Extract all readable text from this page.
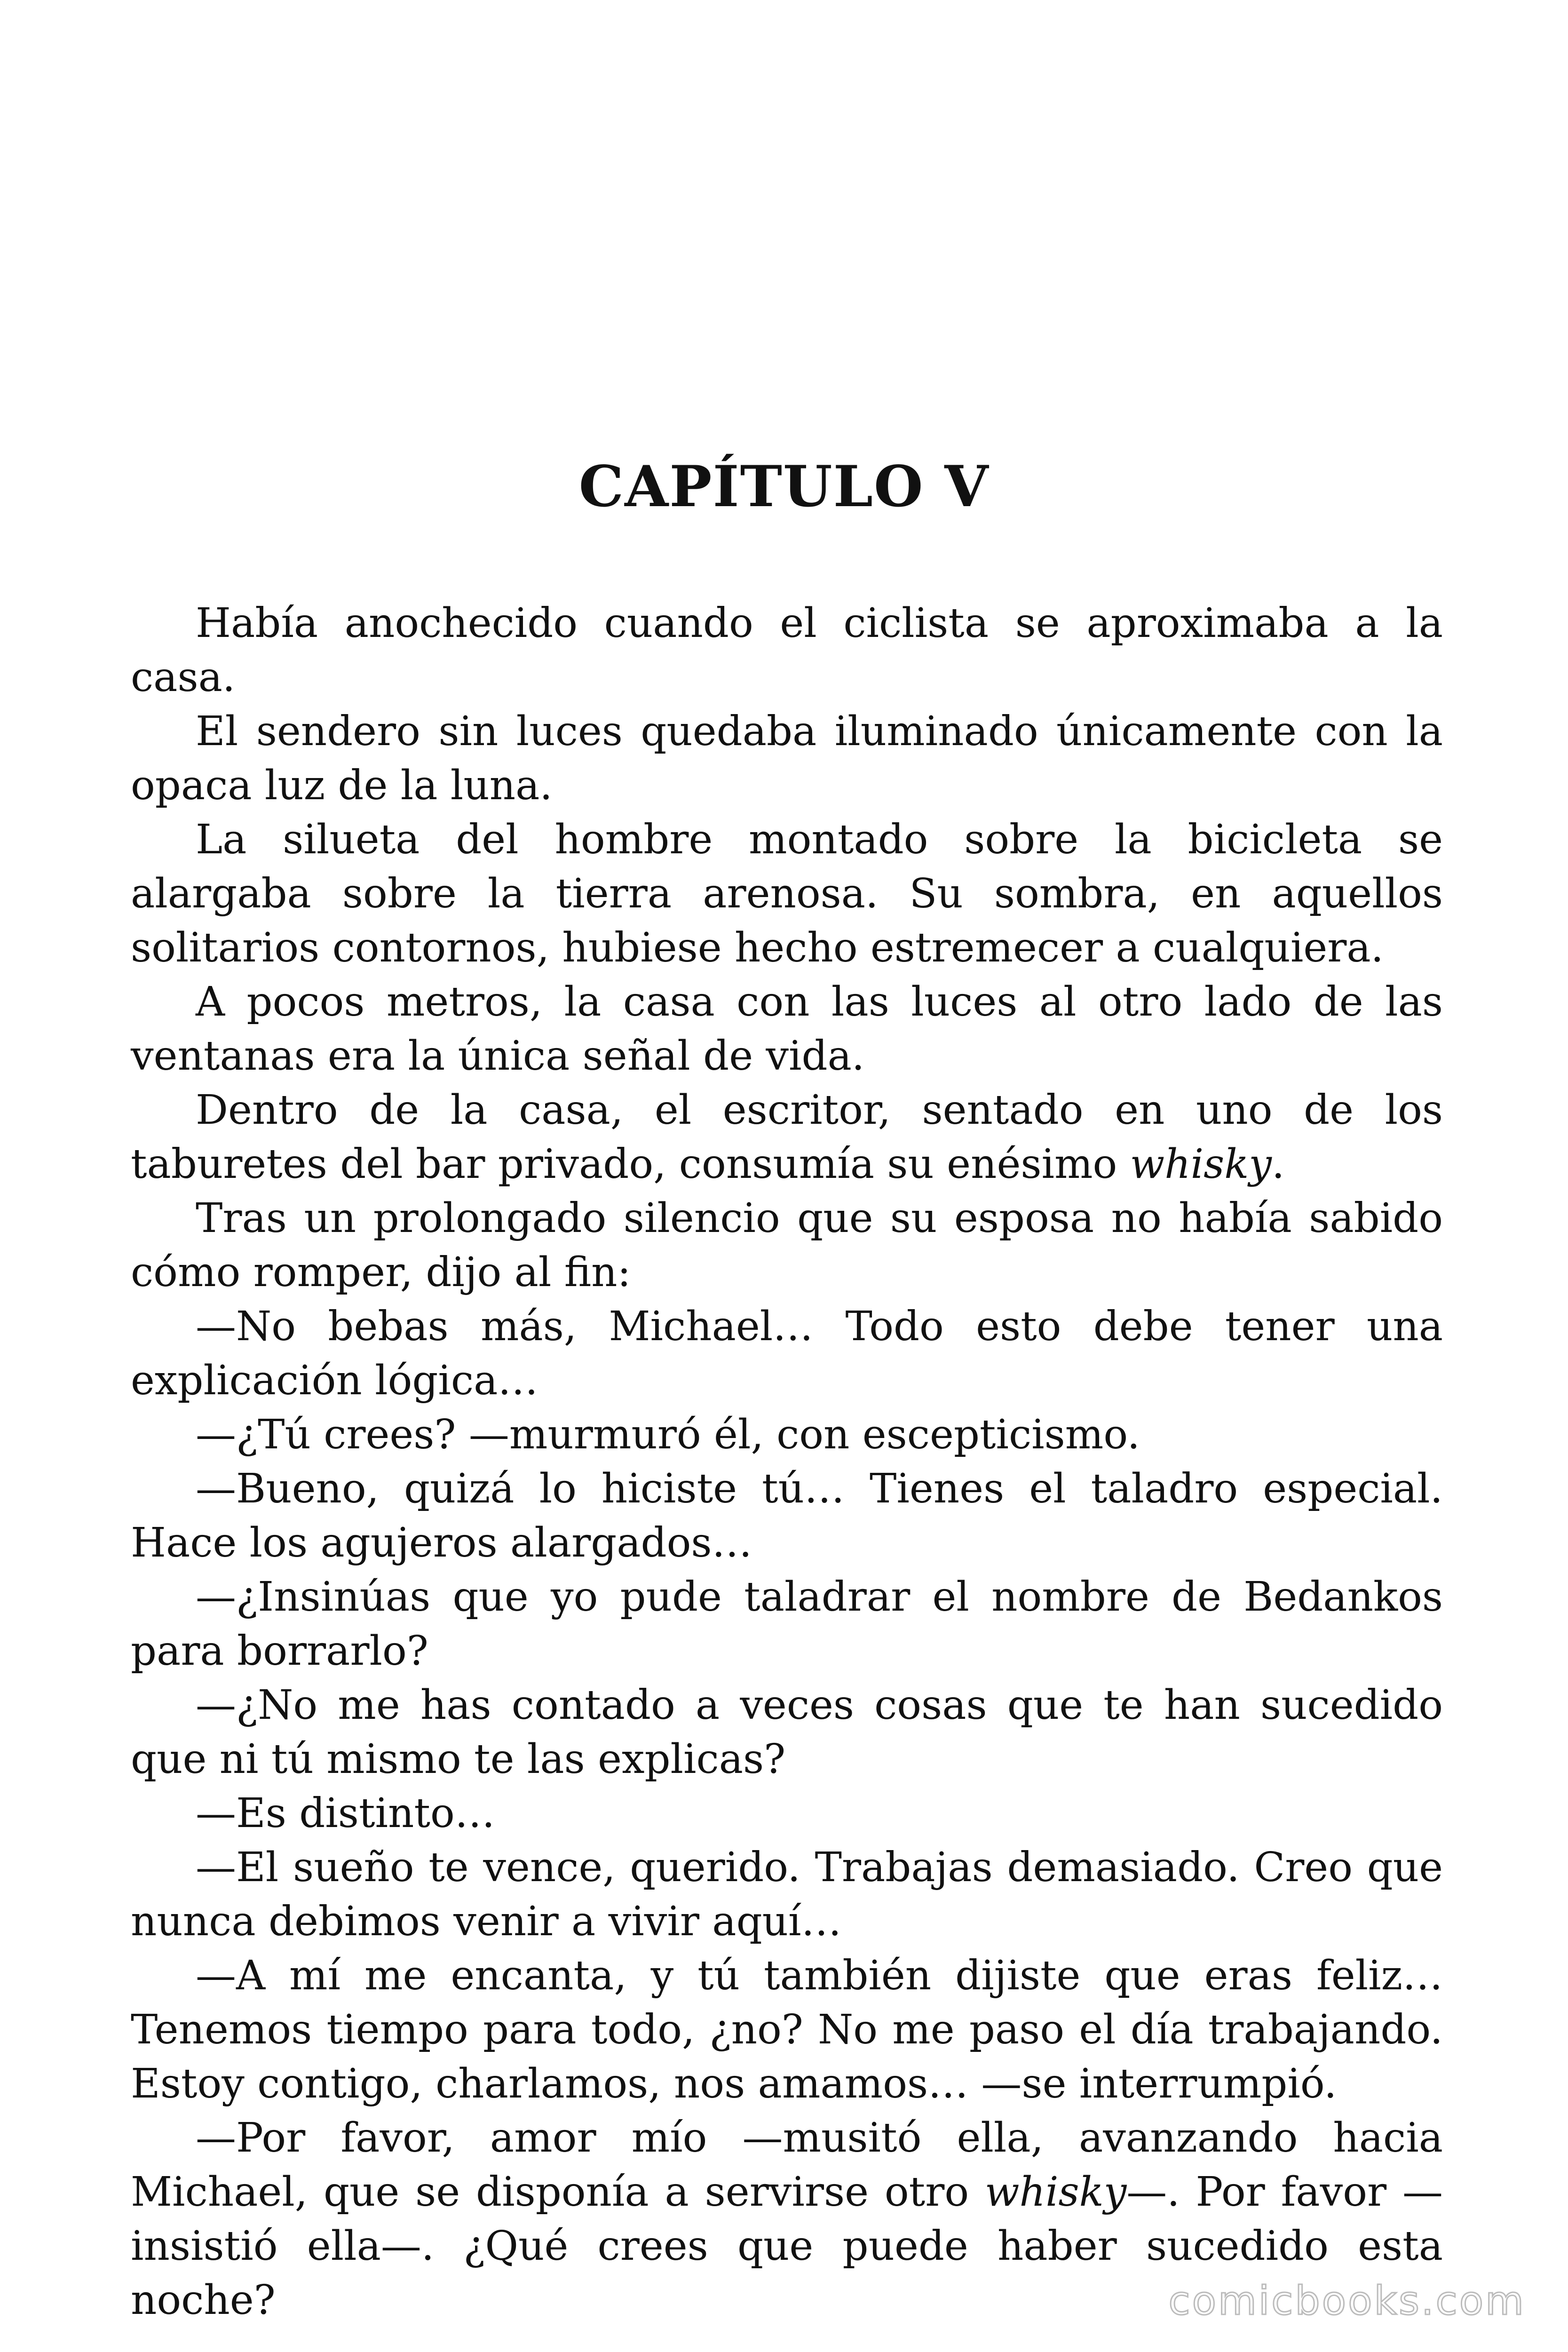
CAPÍTULO V

Había anochecido cuando el ciclista se aproximaba a la casa.

El sendero sin luces quedaba iluminado únicamente con la opaca luz de la luna.

La silueta del hombre montado sobre la bicicleta se alargaba sobre la tierra arenosa. Su sombra, en aquellos solitarios contornos, hubiese hecho estremecer a cualquiera.

A pocos metros, la casa con las luces al otro lado de las ventanas era la única señal de vida.

Dentro de la casa, el escritor, sentado en uno de los taburetes del bar privado, consumía su enésimo whisky.

Tras un prolongado silencio que su esposa no había sabido cómo romper, dijo al fin:

—No bebas más, Michael… Todo esto debe tener una explicación lógica…

—¿Tú crees? —murmuró él, con escepticismo.

—Bueno, quizá lo hiciste tú… Tienes el taladro especial. Hace los agujeros alargados…

—¿Insinúas que yo pude taladrar el nombre de Bedankos para borrarlo?

—¿No me has contado a veces cosas que te han sucedido que ni tú mismo te las explicas?

—Es distinto…

—El sueño te vence, querido. Trabajas demasiado. Creo que nunca debimos venir a vivir aquí…

—A mí me encanta, y tú también dijiste que eras feliz… Tenemos tiempo para todo, ¿no? No me paso el día trabajando. Estoy contigo, charlamos, nos amamos… —se interrumpió.

—Por favor, amor mío —musitó ella, avanzando hacia Michael, que se disponía a servirse otro whisky—. Por favor —insistió ella—. ¿Qué crees que puede haber sucedido esta noche?	comicbooks.com
